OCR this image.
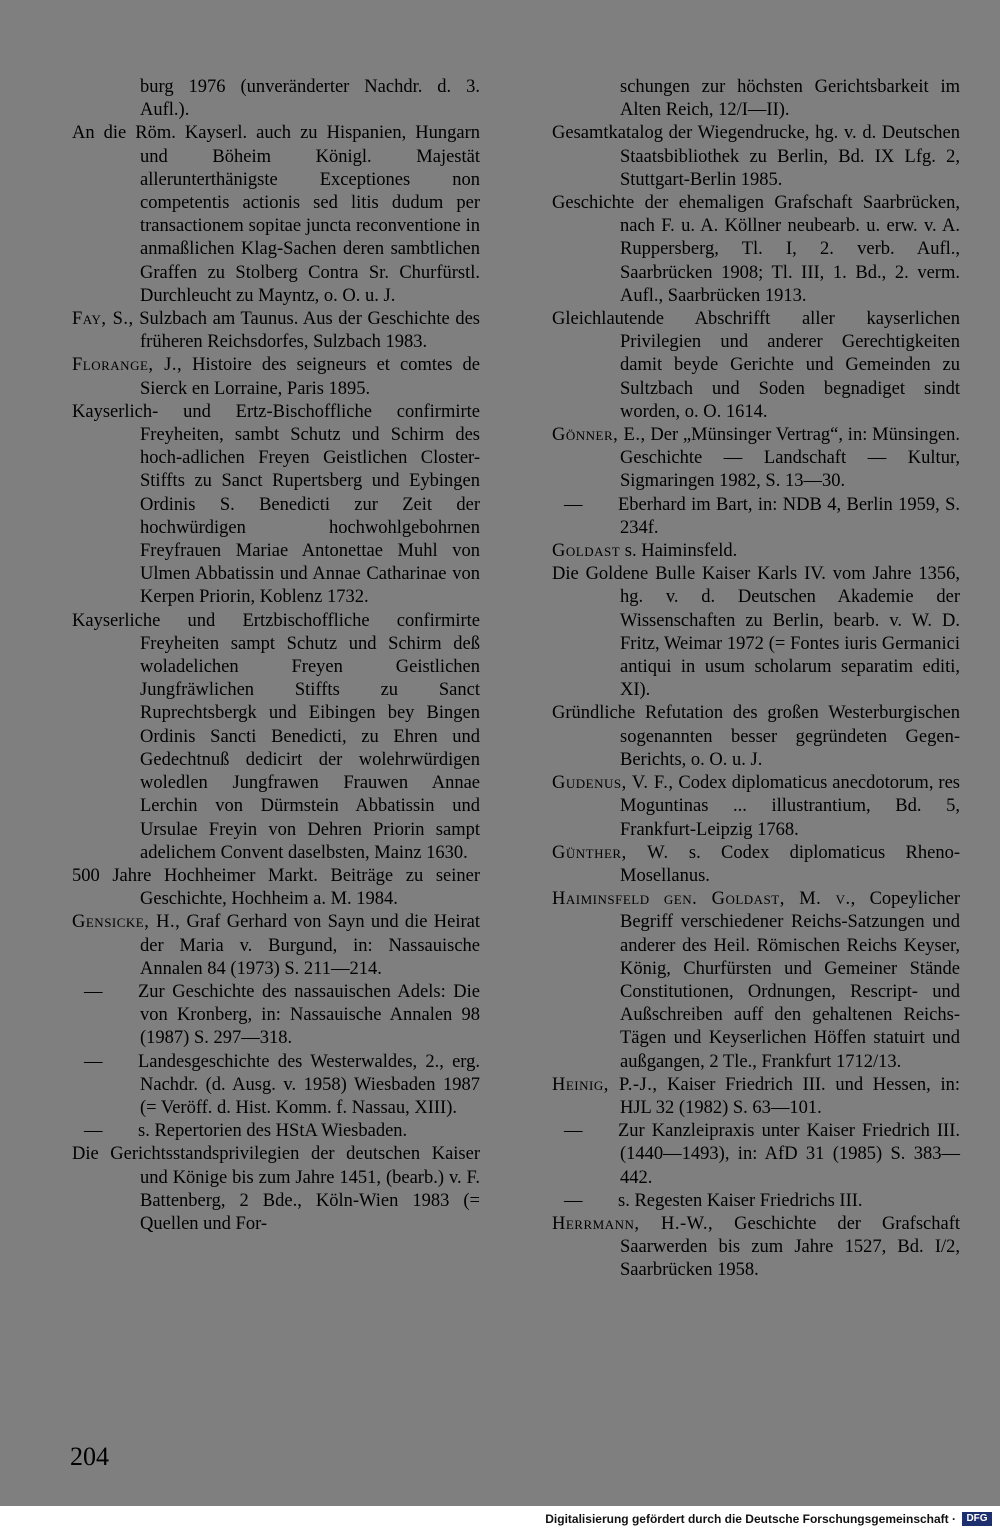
burg 1976 (unveränderter Nachdr. d. 3. Aufl.).
An die Röm. Kayserl. auch zu Hispanien, Hungarn und Böheim Königl. Majestät allerunterthänigste Exceptiones non competentis actionis sed litis dudum per transactionem sopitae juncta reconventione in anmaßlichen Klag-Sachen deren sambtlichen Graffen zu Stolberg Contra Sr. Churfürstl. Durchleucht zu Mayntz, o. O. u. J.
Fay, S., Sulzbach am Taunus. Aus der Geschichte des früheren Reichsdorfes, Sulzbach 1983.
Florange, J., Histoire des seigneurs et comtes de Sierck en Lorraine, Paris 1895.
Kayserlich- und Ertz-Bischoffliche confirmirte Freyheiten, sambt Schutz und Schirm des hoch-adlichen Freyen Geistlichen Closter-Stiffts zu Sanct Rupertsberg und Eybingen Ordinis S. Benedicti zur Zeit der hochwürdigen hochwohlgebohrnen Freyfrauen Mariae Antonettae Muhl von Ulmen Abbatissin und Annae Catharinae von Kerpen Priorin, Koblenz 1732.
Kayserliche und Ertzbischoffliche confirmirte Freyheiten sampt Schutz und Schirm deß woladelichen Freyen Geistlichen Jungfräwlichen Stiffts zu Sanct Ruprechtsbergk und Eibingen bey Bingen Ordinis Sancti Benedicti, zu Ehren und Gedechtnuß dedicirt der wolehrwürdigen woledlen Jungfrawen Frauwen Annae Lerchin von Dürmstein Abbatissin und Ursulae Freyin von Dehren Priorin sampt adelichem Convent daselbsten, Mainz 1630.
500 Jahre Hochheimer Markt. Beiträge zu seiner Geschichte, Hochheim a. M. 1984.
Gensicke, H., Graf Gerhard von Sayn und die Heirat der Maria v. Burgund, in: Nassauische Annalen 84 (1973) S. 211—214.
— Zur Geschichte des nassauischen Adels: Die von Kronberg, in: Nassauische Annalen 98 (1987) S. 297—318.
— Landesgeschichte des Westerwaldes, 2., erg. Nachdr. (d. Ausg. v. 1958) Wiesbaden 1987 (= Veröff. d. Hist. Komm. f. Nassau, XIII).
— s. Repertorien des HStA Wiesbaden.
Die Gerichtsstandsprivilegien der deutschen Kaiser und Könige bis zum Jahre 1451, (bearb.) v. F. Battenberg, 2 Bde., Köln-Wien 1983 (= Quellen und For-
schungen zur höchsten Gerichtsbarkeit im Alten Reich, 12/I—II).
Gesamtkatalog der Wiegendrucke, hg. v. d. Deutschen Staatsbibliothek zu Berlin, Bd. IX Lfg. 2, Stuttgart-Berlin 1985.
Geschichte der ehemaligen Grafschaft Saarbrücken, nach F. u. A. Köllner neubearb. u. erw. v. A. Ruppersberg, Tl. I, 2. verb. Aufl., Saarbrücken 1908; Tl. III, 1. Bd., 2. verm. Aufl., Saarbrücken 1913.
Gleichlautende Abschrifft aller kayserlichen Privilegien und anderer Gerechtigkeiten damit beyde Gerichte und Gemeinden zu Sultzbach und Soden begnadiget sindt worden, o. O. 1614.
Gönner, E., Der „Münsinger Vertrag“, in: Münsingen. Geschichte — Landschaft — Kultur, Sigmaringen 1982, S. 13—30.
— Eberhard im Bart, in: NDB 4, Berlin 1959, S. 234f.
Goldast s. Haiminsfeld.
Die Goldene Bulle Kaiser Karls IV. vom Jahre 1356, hg. v. d. Deutschen Akademie der Wissenschaften zu Berlin, bearb. v. W. D. Fritz, Weimar 1972 (= Fontes iuris Germanici antiqui in usum scholarum separatim editi, XI).
Gründliche Refutation des großen Westerburgischen sogenannten besser gegründeten Gegen-Berichts, o. O. u. J.
Gudenus, V. F., Codex diplomaticus anecdotorum, res Moguntinas ... illustrantium, Bd. 5, Frankfurt-Leipzig 1768.
Günther, W. s. Codex diplomaticus Rheno-Mosellanus.
Haiminsfeld gen. Goldast, M. v., Copeylicher Begriff verschiedener Reichs-Satzungen und anderer des Heil. Römischen Reichs Keyser, König, Churfürsten und Gemeiner Stände Constitutionen, Ordnungen, Rescript- und Außschreiben auff den gehaltenen Reichs-Tägen und Keyserlichen Höffen statuirt und außgangen, 2 Tle., Frankfurt 1712/13.
Heinig, P.-J., Kaiser Friedrich III. und Hessen, in: HJL 32 (1982) S. 63—101.
— Zur Kanzleipraxis unter Kaiser Friedrich III. (1440—1493), in: AfD 31 (1985) S. 383—442.
— s. Regesten Kaiser Friedrichs III.
Herrmann, H.-W., Geschichte der Grafschaft Saarwerden bis zum Jahre 1527, Bd. I/2, Saarbrücken 1958.
204
Digitalisierung gefördert durch die Deutsche Forschungsgemeinschaft ·	DFG
